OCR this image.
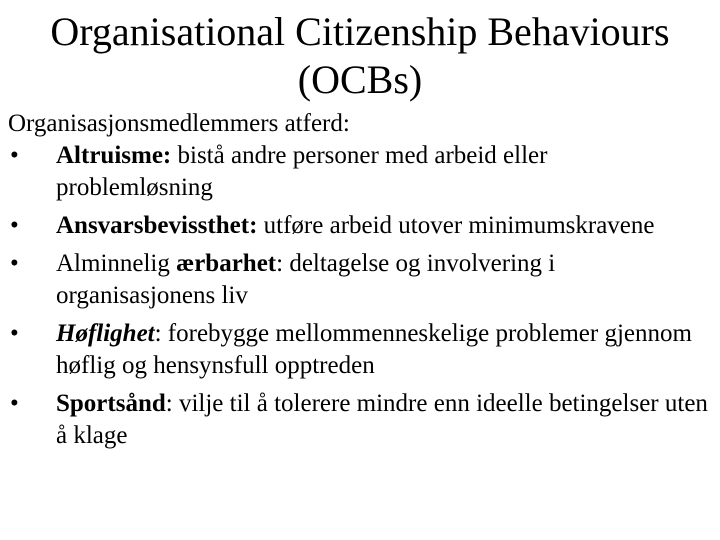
Organisational Citizenship Behaviours
(OCBs)

Organisasjonsmedlemmers atferd:

• Altruisme: bistå andre personer med arbeid eller problemløsning
• Ansvarsbevissthet: utføre arbeid utover minimumskravene
• Alminnelig ærbarhet: deltagelse og involvering i organisasjonens liv
• Høflighet: forebygge mellommenneskelige problemer gjennom høflig og hensynsfull opptreden
• Sportsånd: vilje til å tolerere mindre enn ideelle betingelser uten å klage
